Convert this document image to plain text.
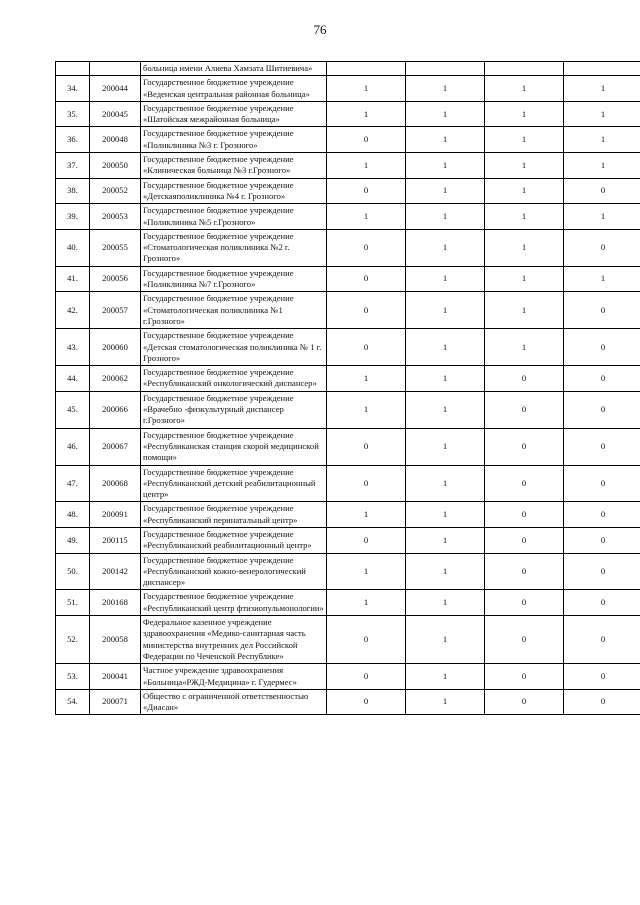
76
		больница имени Алиева Хамзата Шитиевича»				
34.	200044	Государственное бюджетное учреждение «Веденская центральная районная больница»	1	1	1	1
35.	200045	Государственное бюджетное учреждение «Шатойская межрайонная больница»	1	1	1	1
36.	200048	Государственное бюджетное учреждение «Поликлиника №3 г. Грозного»	0	1	1	1
37.	200050	Государственное бюджетное учреждение «Клиническая больница №3 г.Грозного»	1	1	1	1
38.	200052	Государственное бюджетное учреждение «Детскаяполиклиника №4 г. Грозного»	0	1	1	0
39.	200053	Государственное бюджетное учреждение «Поликлиника №5 г.Грозного»	1	1	1	1
40.	200055	Государственное бюджетное учреждение «Стоматологическая поликлиника №2 г. Грозного»	0	1	1	0
41.	200056	Государственное бюджетное учреждение «Поликлиника №7 г.Грозного»	0	1	1	1
42.	200057	Государственное бюджетное учреждение «Стоматологическая поликлиника №1 г.Грозного»	0	1	1	0
43.	200060	Государственное бюджетное учреждение «Детская стоматологическая поликлиника № 1 г. Грозного»	0	1	1	0
44.	200062	Государственное бюджетное учреждение «Республиканский онкологический диспансер»	1	1	0	0
45.	200066	Государственное бюджетное учреждение «Врачебно -физкультурный диспансер г.Грозного»	1	1	0	0
46.	200067	Государственное бюджетное учреждение «Республиканская станция скорой медицинской помощи»	0	1	0	0
47.	200068	Государственное бюджетное учреждение «Республиканский детский реабилитационный центр»	0	1	0	0
48.	200091	Государственное бюджетное учреждение «Республиканский перинатальный центр»	1	1	0	0
49.	200115	Государственное бюджетное учреждение «Республиканский реабилитационный центр»	0	1	0	0
50.	200142	Государственное бюджетное учреждение «Республиканский кожно-венерологический диспансер»	1	1	0	0
51.	200168	Государственное бюджетное учреждение «Республиканский центр фтизиопульмонологии»	1	1	0	0
52.	200058	Федеральное казенное учреждение здравоохранения «Медико-санитарная часть министерства внутренних дел Российской Федерации по Чеченской Республике»	0	1	0	0
53.	200041	Частное учреждение здравоохранения «Больница«РЖД-Медицина» г. Гудермес»	0	1	0	0
54.	200071	Общество с ограниченной ответственностью «Диасан»	0	1	0	0
